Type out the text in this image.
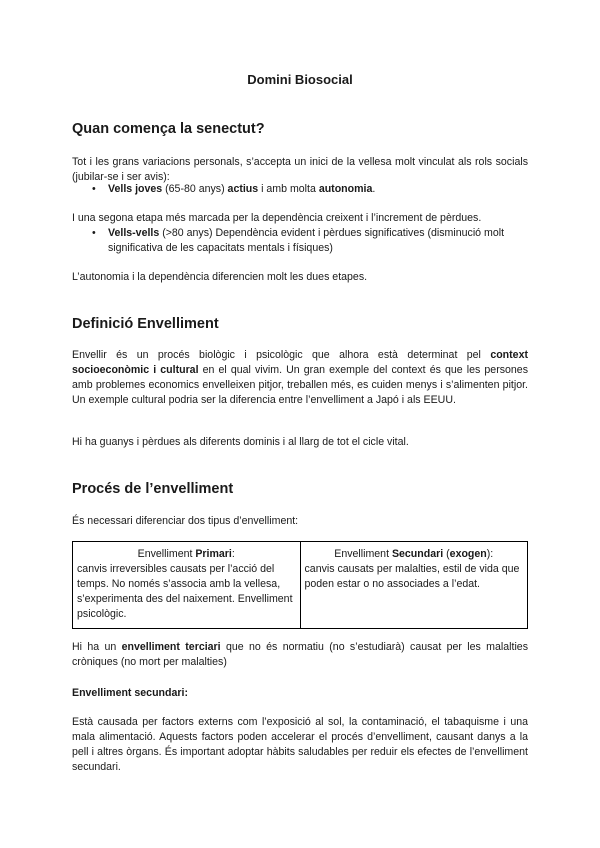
Domini Biosocial
Quan comença la senectut?

Tot i les grans variacions personals, s’accepta un inici de la vellesa molt vinculat als rols socials (jubilar-se i ser avis):

• Vells joves (65-80 anys) actius i amb molta autonomia.

I una segona etapa més marcada per la dependència creixent i l’increment de pèrdues.

• Vells-vells (>80 anys) Dependència evident i pèrdues significatives (disminució molt significativa de les capacitats mentals i físiques)

L’autonomia i la dependència diferencien molt les dues etapes.

Definició Envelliment

Envellir és un procés biològic i psicològic que alhora està determinat pel context socioeconòmic i cultural en el qual vivim. Un gran exemple del context és que les persones amb problemes economics envelleixen pitjor, treballen més, es cuiden menys i s’alimenten pitjor. Un exemple cultural podria ser la diferencia entre l’envelliment a Japó i als EEUU.

Hi ha guanys i pèrdues als diferents dominis i al llarg de tot el cicle vital.

Procés de l’envelliment

És necessari diferenciar dos tipus d’envelliment:

Envelliment Primari:
canvis irreversibles causats per l’acció del temps. No només s’associa amb la vellesa, s’experimenta des del naixement. Envelliment psicològic.	
Envelliment Secundari (exogen):
canvis causats per malalties, estil de vida que poden estar o no associades a l’edat.

Hi ha un envelliment terciari que no és normatiu (no s’estudiarà) causat per les malalties cròniques (no mort per malalties)

Envelliment secundari:

Està causada per factors externs com l’exposició al sol, la contaminació, el tabaquisme i una mala alimentació. Aquests factors poden accelerar el procés d’envelliment, causant danys a la pell i altres òrgans. És important adoptar hàbits saludables per reduir els efectes de l’envelliment secundari.
